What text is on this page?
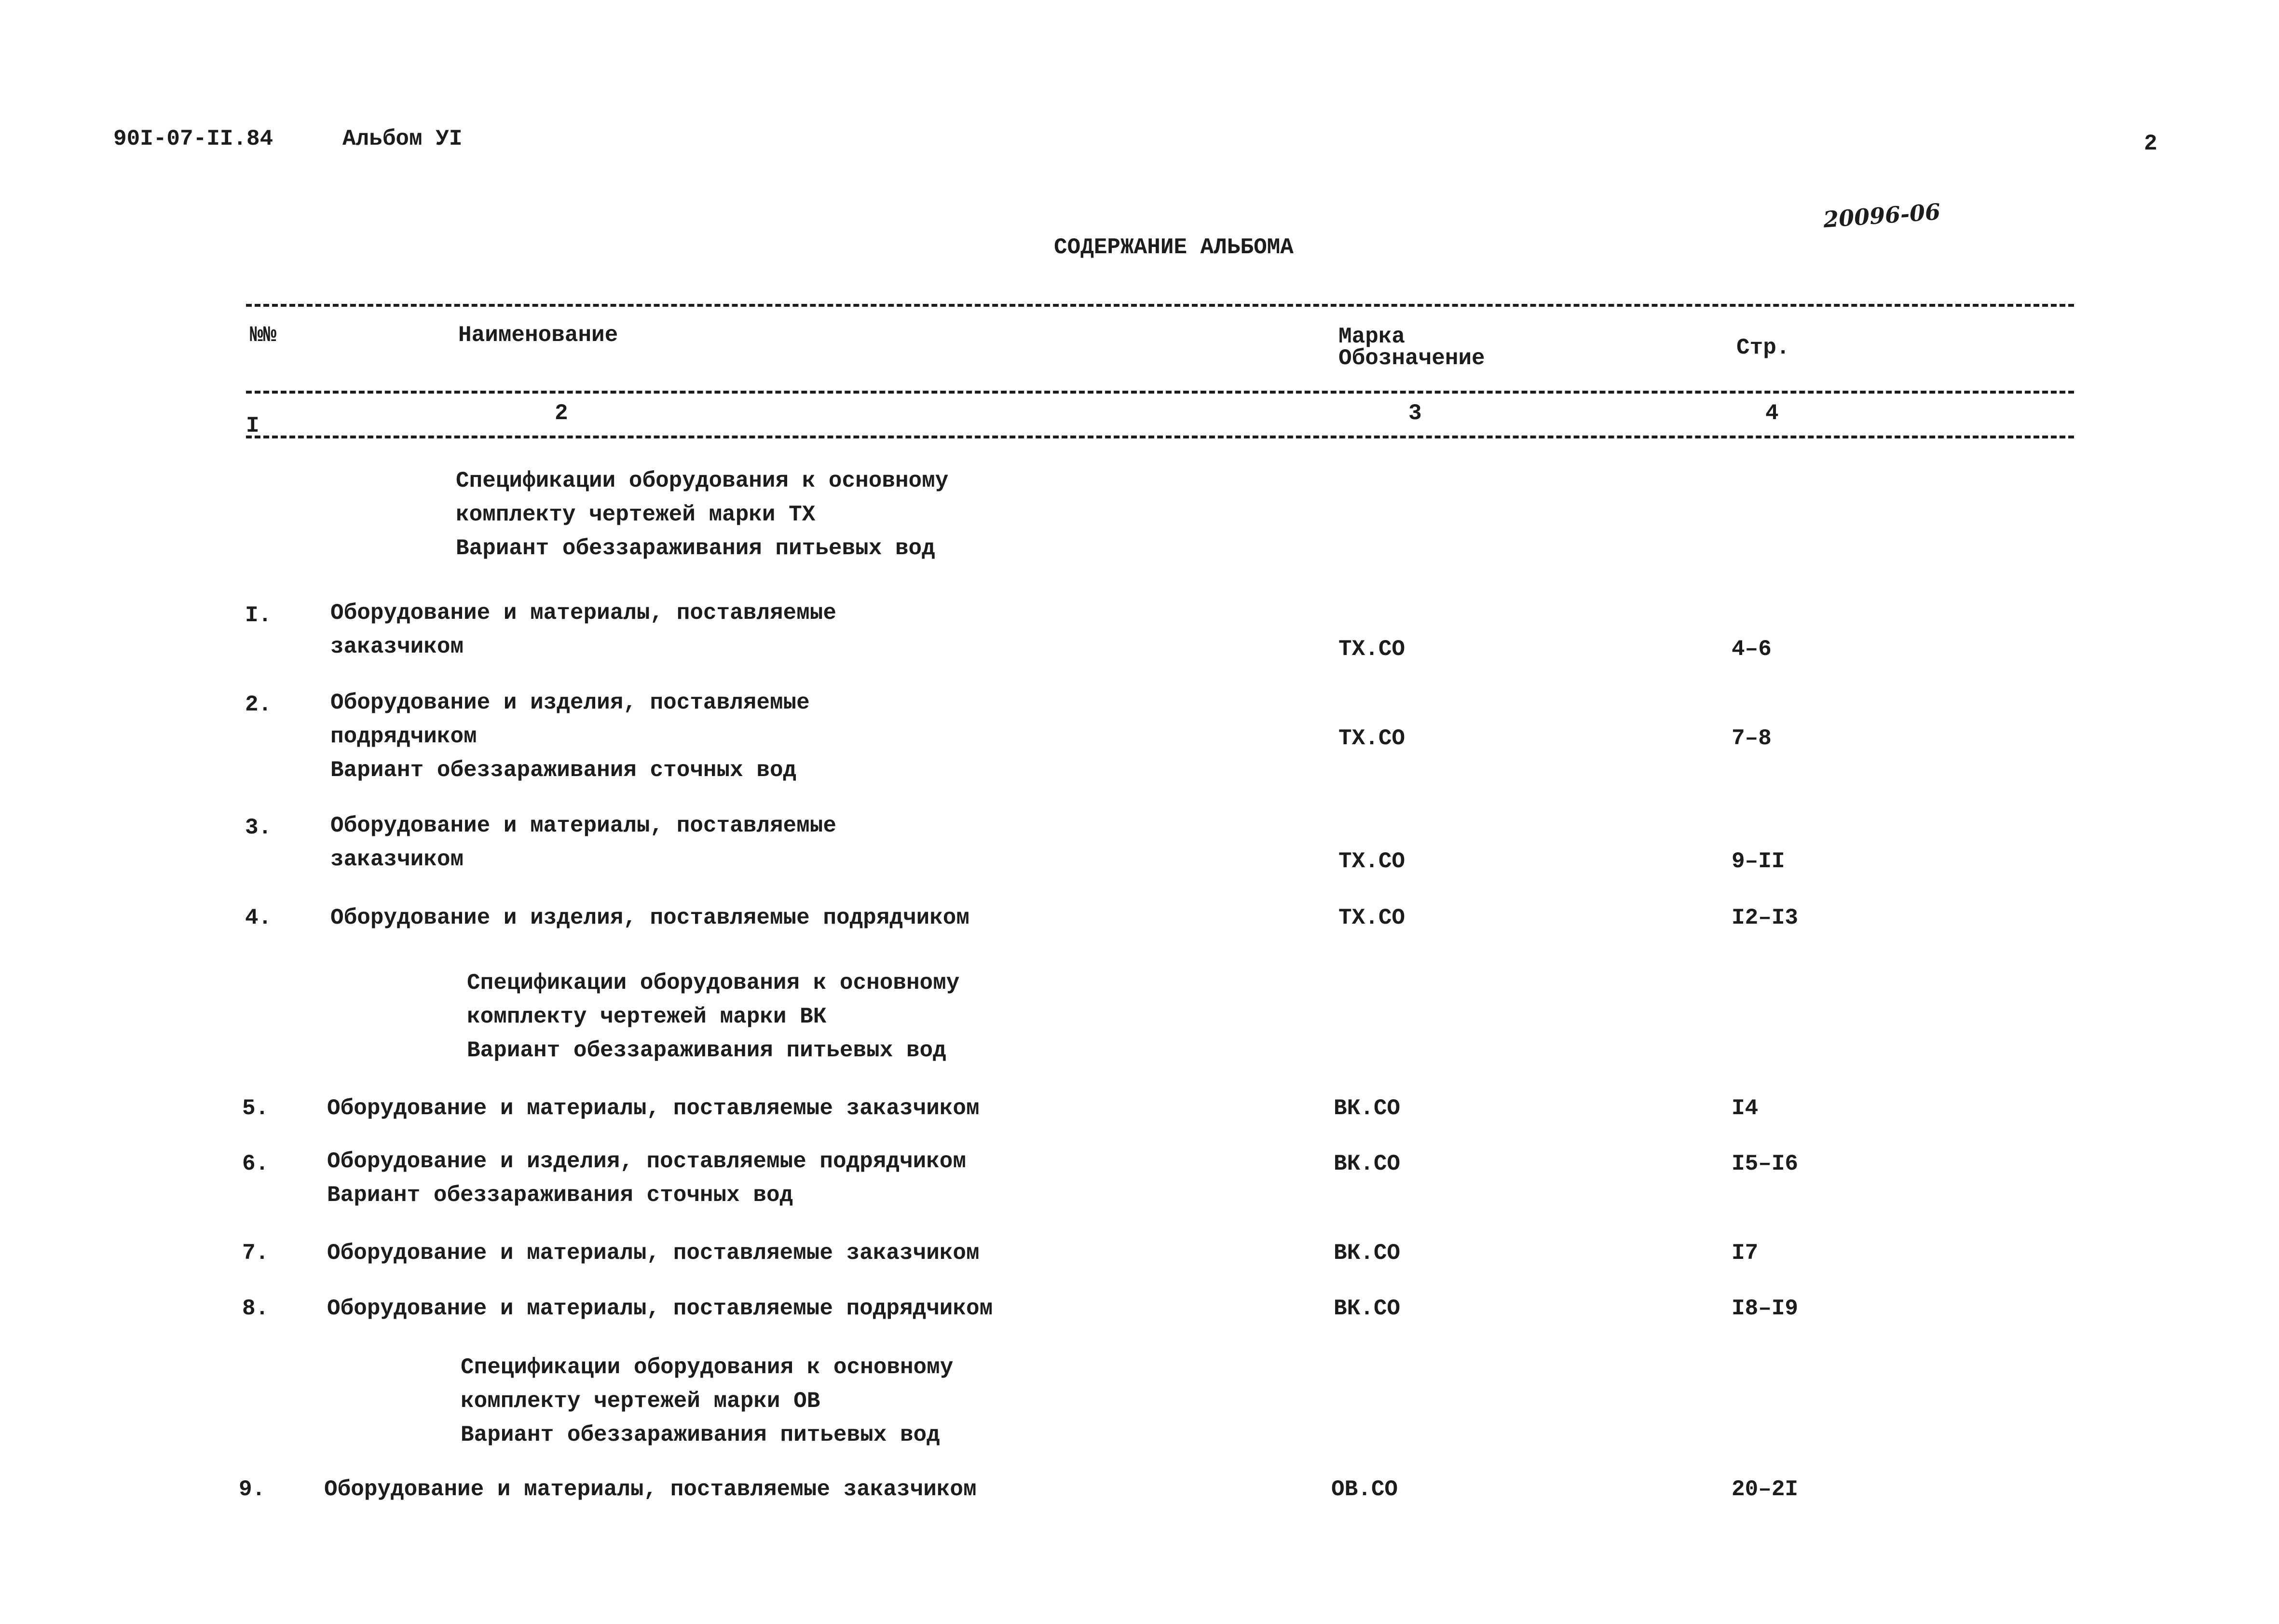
90I-07-II.84	Альбом УI	2
20096-06
СОДЕРЖАНИЕ АЛЬБОМА
№№	Наименование	Марка
Обозначение	Стр.
I	2	3	4
Спецификации оборудования к основному
комплекту чертежей марки ТХ
Вариант обеззараживания питьевых вод
I.	Оборудование и материалы, поставляемые
заказчиком	ТХ.СО	4–6
2.	Оборудование и изделия, поставляемые
подрядчиком
Вариант обеззараживания сточных вод
ТХ.СО	7–8
3.	Оборудование и материалы, поставляемые
заказчиком	ТХ.СО	9–II
4.	Оборудование и изделия, поставляемые подрядчиком	ТХ.СО	I2–I3
Спецификации оборудования к основному
комплекту чертежей марки ВК
Вариант обеззараживания питьевых вод
5.	Оборудование и материалы, поставляемые заказчиком	ВК.СО	I4
6.	Оборудование и изделия, поставляемые подрядчиком
Вариант обеззараживания сточных вод
ВК.СО	I5–I6
7.	Оборудование и материалы, поставляемые заказчиком	ВК.СО	I7
8.	Оборудование и материалы, поставляемые подрядчиком	ВК.СО	I8–I9
Спецификации оборудования к основному
комплекту чертежей марки ОВ
Вариант обеззараживания питьевых вод
9.	Оборудование и материалы, поставляемые заказчиком	ОВ.СО	20–2I
